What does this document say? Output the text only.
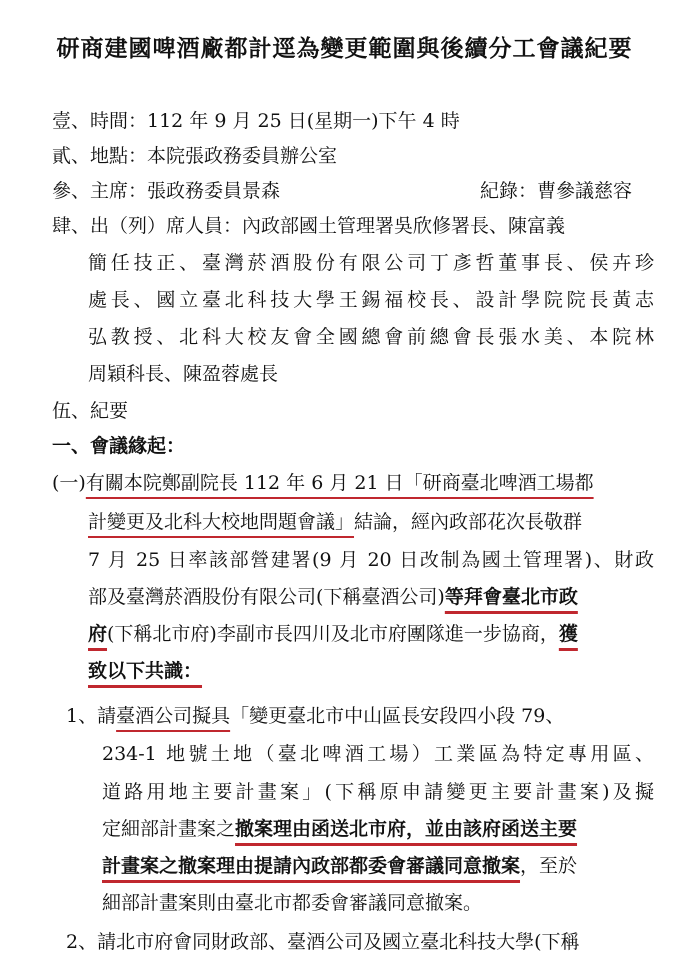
研商建國啤酒廠都計逕為變更範圍與後續分工會議紀要
壹、時間：112 年 9 月 25 日(星期一)下午 4 時
貳、地點：本院張政務委員辦公室
參、主席：張政務委員景森	紀錄：曹參議慈容
肆、出（列）席人員：內政部國土管理署吳欣修署長、陳富義
簡任技正、臺灣菸酒股份有限公司丁彥哲董事長、侯卉珍
處長、國立臺北科技大學王錫福校長、設計學院院長黃志
弘教授、北科大校友會全國總會前總會長張水美、本院林
周穎科長、陳盈蓉處長
伍、紀要
一、會議緣起：
(一)有關本院鄭副院長 112 年 6 月 21 日「研商臺北啤酒工場都
計變更及北科大校地問題會議」結論，經內政部花次長敬群
7 月 25 日率該部營建署(9 月 20 日改制為國土管理署)、財政
部及臺灣菸酒股份有限公司(下稱臺酒公司)等拜會臺北市政
府(下稱北市府)李副市長四川及北市府團隊進一步協商，獲
致以下共識：
1、請臺酒公司擬具「變更臺北市中山區長安段四小段 79、
234-1 地號土地（臺北啤酒工場）工業區為特定專用區、
道路用地主要計畫案」(下稱原申請變更主要計畫案)及擬
定細部計畫案之撤案理由函送北市府，並由該府函送主要
計畫案之撤案理由提請內政部都委會審議同意撤案，至於
細部計畫案則由臺北市都委會審議同意撤案。
2、請北市府會同財政部、臺酒公司及國立臺北科技大學(下稱
